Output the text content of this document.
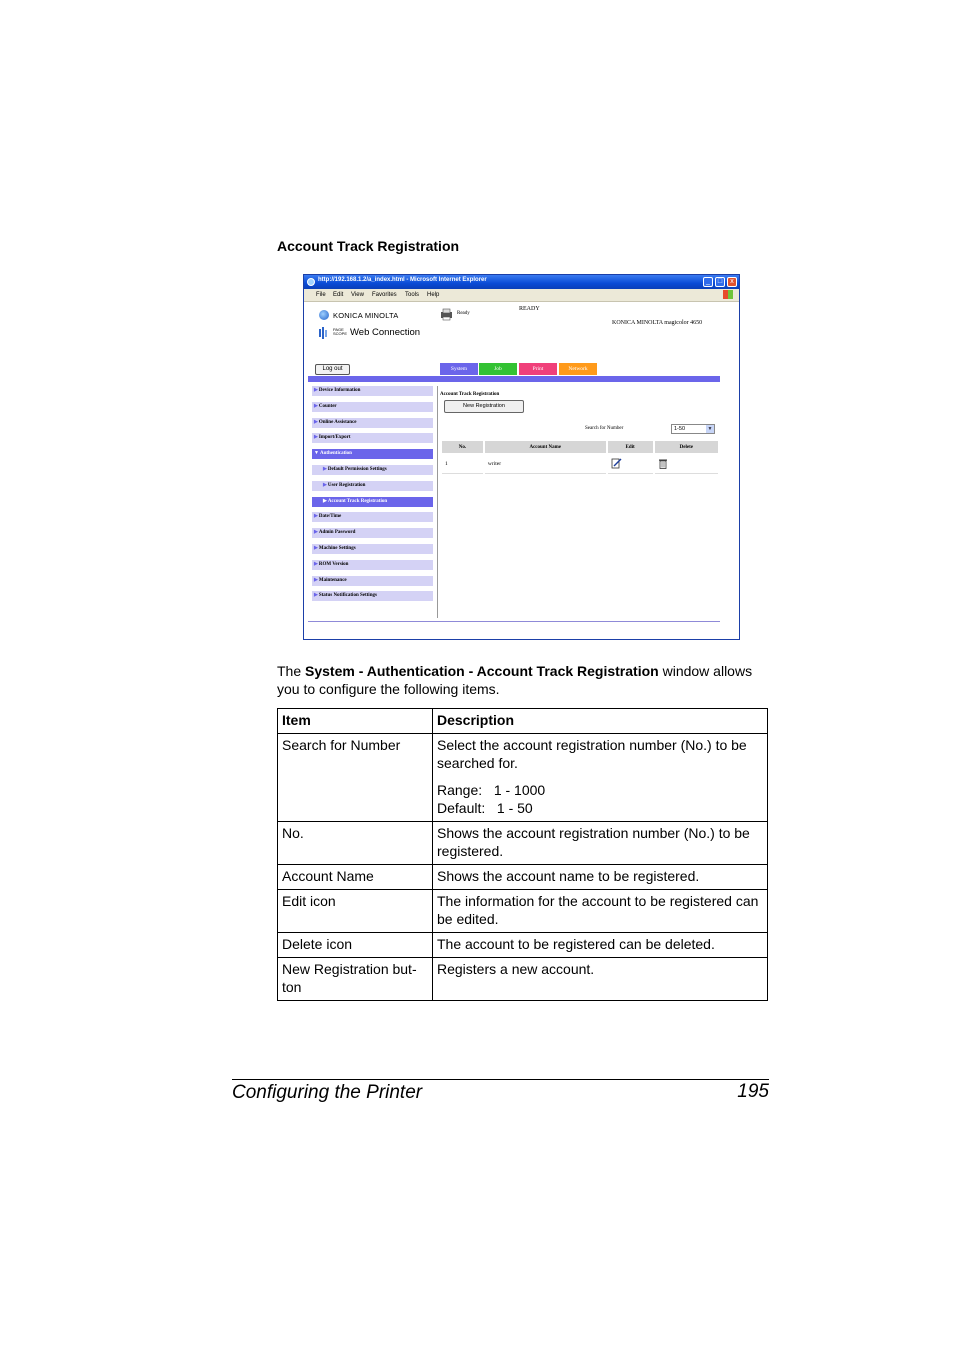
Account Track Registration
http://192.168.1.2/a_index.html - Microsoft Internet Explorer	_	□	x
File Edit View Favorites Tools Help
KONICA MINOLTA
PAGE SCOPE Web Connection
Ready
READY
KONICA MINOLTA magicolor 4650
Log out	System	Job	Print	Network
▶Device Information
▶Counter
▶Online Assistance
▶Import/Export
▼Authentication
▶Default Permission Settings
▶User Registration
▶Account Track Registration
▶Date/Time
▶Admin Password
▶Machine Settings
▶ROM Version
▶Maintenance
▶Status Notification Settings
Account Track Registration
New Registration
Search for Number	1-50	▼
No.	Account Name	Edit	Delete
1	writer		
The System - Authentication - Account Track Registration window allows you to configure the following items.
Item	Description
Search for Number	Select the account registration number (No.) to be searched for.

Range: 1 - 1000

Default: 1 - 50

No.	Shows the account registration number (No.) to be registered.
Account Name	Shows the account name to be registered.
Edit icon	The information for the account to be registered can be edited.
Delete icon	The account to be registered can be deleted.
New Registration but-
ton	Registers a new account.
Configuring the Printer	195
